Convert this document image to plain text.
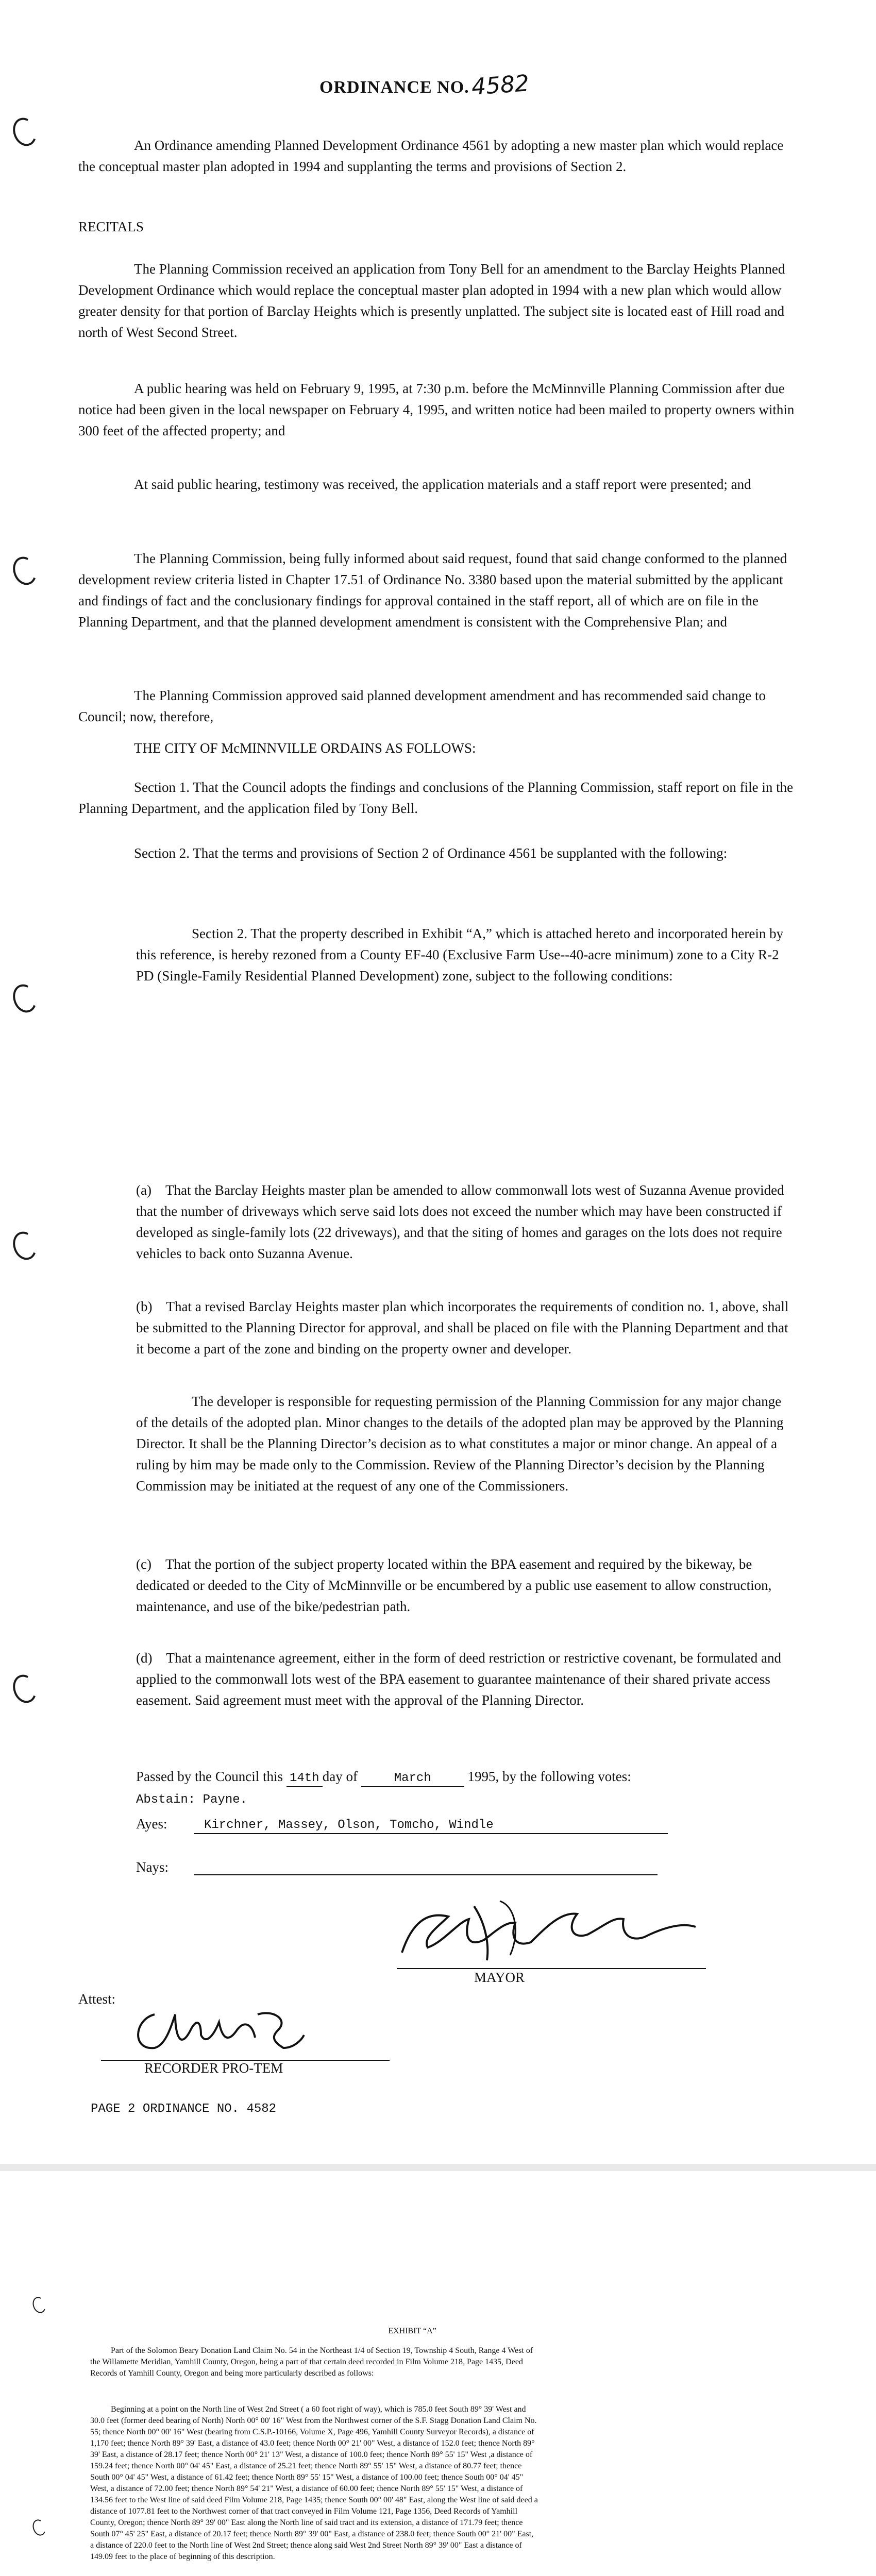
ORDINANCE NO. 4582
An Ordinance amending Planned Development Ordinance 4561 by adopting a new master plan which would replace the conceptual master plan adopted in 1994 and supplanting the terms and provisions of Section 2.
RECITALS
The Planning Commission received an application from Tony Bell for an amendment to the Barclay Heights Planned Development Ordinance which would replace the conceptual master plan adopted in 1994 with a new plan which would allow greater density for that portion of Barclay Heights which is presently unplatted. The subject site is located east of Hill road and north of West Second Street.
A public hearing was held on February 9, 1995, at 7:30 p.m. before the McMinnville Planning Commission after due notice had been given in the local newspaper on February 4, 1995, and written notice had been mailed to property owners within 300 feet of the affected property; and
At said public hearing, testimony was received, the application materials and a staff report were presented; and
The Planning Commission, being fully informed about said request, found that said change conformed to the planned development review criteria listed in Chapter 17.51 of Ordinance No. 3380 based upon the material submitted by the applicant and findings of fact and the conclusionary findings for approval contained in the staff report, all of which are on file in the Planning Department, and that the planned development amendment is consistent with the Comprehensive Plan; and
The Planning Commission approved said planned development amendment and has recommended said change to Council; now, therefore,
THE CITY OF McMINNVILLE ORDAINS AS FOLLOWS:
Section 1. That the Council adopts the findings and conclusions of the Planning Commission, staff report on file in the Planning Department, and the application filed by Tony Bell.
Section 2. That the terms and provisions of Section 2 of Ordinance 4561 be supplanted with the following:
Section 2. That the property described in Exhibit “A,” which is attached hereto and incorporated herein by this reference, is hereby rezoned from a County EF-40 (Exclusive Farm Use--40-acre minimum) zone to a City R-2 PD (Single-Family Residential Planned Development) zone, subject to the following conditions:
(a) That the Barclay Heights master plan be amended to allow commonwall lots west of Suzanna Avenue provided that the number of driveways which serve said lots does not exceed the number which may have been constructed if developed as single-family lots (22 driveways), and that the siting of homes and garages on the lots does not require vehicles to back onto Suzanna Avenue.
(b) That a revised Barclay Heights master plan which incorporates the requirements of condition no. 1, above, shall be submitted to the Planning Director for approval, and shall be placed on file with the Planning Department and that it become a part of the zone and binding on the property owner and developer.
The developer is responsible for requesting permission of the Planning Commission for any major change of the details of the adopted plan. Minor changes to the details of the adopted plan may be approved by the Planning Director. It shall be the Planning Director’s decision as to what constitutes a major or minor change. An appeal of a ruling by him may be made only to the Commission. Review of the Planning Director’s decision by the Planning Commission may be initiated at the request of any one of the Commissioners.
(c) That the portion of the subject property located within the BPA easement and required by the bikeway, be dedicated or deeded to the City of McMinnville or be encumbered by a public use easement to allow construction, maintenance, and use of the bike/pedestrian path.
(d) That a maintenance agreement, either in the form of deed restriction or restrictive covenant, be formulated and applied to the commonwall lots west of the BPA easement to guarantee maintenance of their shared private access easement. Said agreement must meet with the approval of the Planning Director.
Passed by the Council this 14th day of	March	1995, by the following votes:
Abstain: Payne.
Ayes:	Kirchner, Massey, Olson, Tomcho, Windle
Nays:
MAYOR
Attest:
RECORDER PRO-TEM
PAGE 2 ORDINANCE NO. 4582
EXHIBIT “A”
Part of the Solomon Beary Donation Land Claim No. 54 in the Northeast 1/4 of Section 19, Township 4 South, Range 4 West of the Willamette Meridian, Yamhill County, Oregon, being a part of that certain deed recorded in Film Volume 218, Page 1435, Deed Records of Yamhill County, Oregon and being more particularly described as follows:
Beginning at a point on the North line of West 2nd Street ( a 60 foot right of way), which is 785.0 feet South 89° 39' West and 30.0 feet (former deed bearing of North) North 00° 00' 16" West from the Northwest corner of the S.F. Stagg Donation Land Claim No. 55; thence North 00° 00' 16" West (bearing from C.S.P.-10166, Volume X, Page 496, Yamhill County Surveyor Records), a distance of 1,170 feet; thence North 89° 39' East, a distance of 43.0 feet; thence North 00° 21' 00" West, a distance of 152.0 feet; thence North 89° 39' East, a distance of 28.17 feet; thence North 00° 21' 13" West, a distance of 100.0 feet; thence North 89° 55' 15" West ,a distance of 159.24 feet; thence North 00° 04' 45" East, a distance of 25.21 feet; thence North 89° 55' 15" West, a distance of 80.77 feet; thence South 00° 04' 45" West, a distance of 61.42 feet; thence North 89° 55' 15" West, a distance of 100.00 feet; thence South 00° 04' 45" West, a distance of 72.00 feet; thence North 89° 54' 21" West, a distance of 60.00 feet; thence North 89° 55' 15" West, a distance of 134.56 feet to the West line of said deed Film Volume 218, Page 1435; thence South 00° 00' 48" East, along the West line of said deed a distance of 1077.81 feet to the Northwest corner of that tract conveyed in Film Volume 121, Page 1356, Deed Records of Yamhill County, Oregon; thence North 89° 39' 00" East along the North line of said tract and its extension, a distance of 171.79 feet; thence South 07° 45' 25" East, a distance of 20.17 feet; thence North 89° 39' 00" East, a distance of 238.0 feet; thence South 00° 21' 00" East, a distance of 220.0 feet to the North line of West 2nd Street; thence along said West 2nd Street North 89° 39' 00" East a distance of 149.09 feet to the place of beginning of this description.
